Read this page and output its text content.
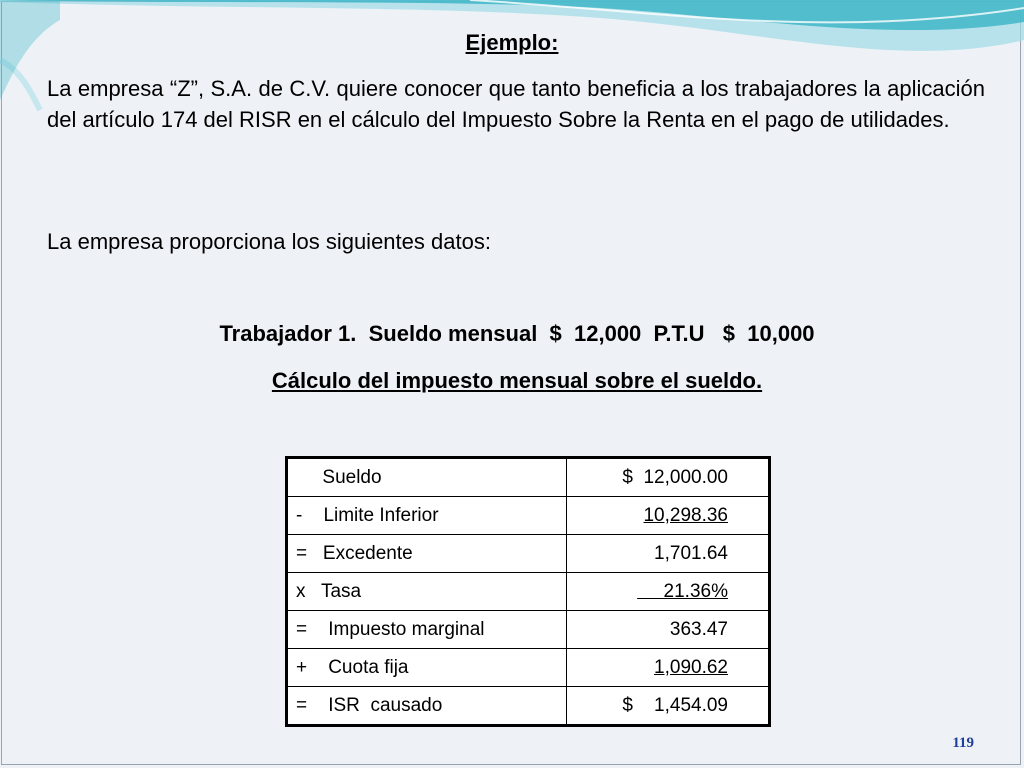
Ejemplo:

La empresa “Z”, S.A. de C.V. quiere conocer que tanto beneficia a los trabajadores la aplicación del artículo 174 del RISR en el cálculo del Impuesto Sobre la Renta en el pago de utilidades.

La empresa proporciona los siguientes datos:

Trabajador 1.  Sueldo mensual  $  12,000  P.T.U   $  10,000

Cálculo del impuesto mensual sobre el sueldo.

Sueldo	$  12,000.00
-    Limite Inferior	10,298.36
=   Excedente	1,701.64
x   Tasa	21.36%
=    Impuesto marginal	363.47
+    Cuota fija	1,090.62
=    ISR  causado	$    1,454.09
119
